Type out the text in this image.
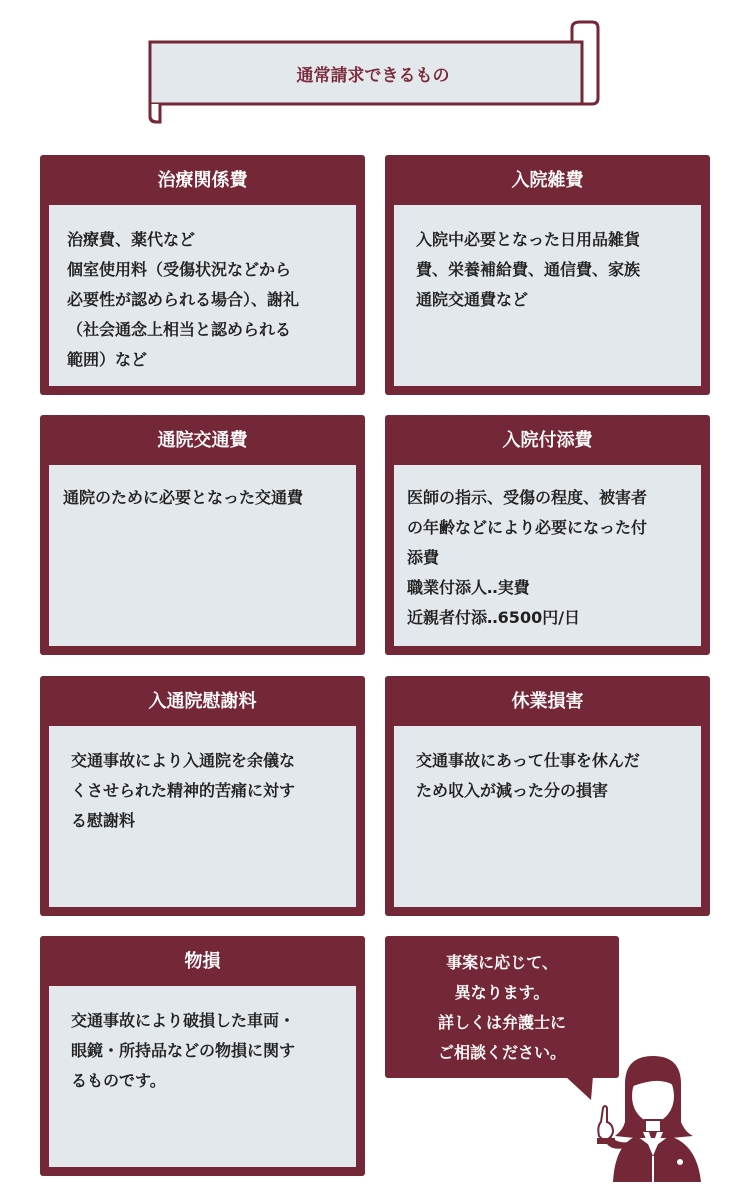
通常請求できるもの
治療関係費
治療費、薬代など
個室使用料（受傷状況などから
必要性が認められる場合）、謝礼
（社会通念上相当と認められる
範囲）など
入院雑費
入院中必要となった日用品雑貨
費、栄養補給費、通信費、家族
通院交通費など
通院交通費
通院のために必要となった交通費
入院付添費
医師の指示、受傷の程度、被害者
の年齢などにより必要になった付
添費
職業付添人‥実費
近親者付添‥6500円/日
入通院慰謝料
交通事故により入通院を余儀な
くさせられた精神的苦痛に対す
る慰謝料
休業損害
交通事故にあって仕事を休んだ
ため収入が減った分の損害
物損
交通事故により破損した車両・
眼鏡・所持品などの物損に関す
るものです。
事案に応じて、
異なります。
詳しくは弁護士に
ご相談ください。
